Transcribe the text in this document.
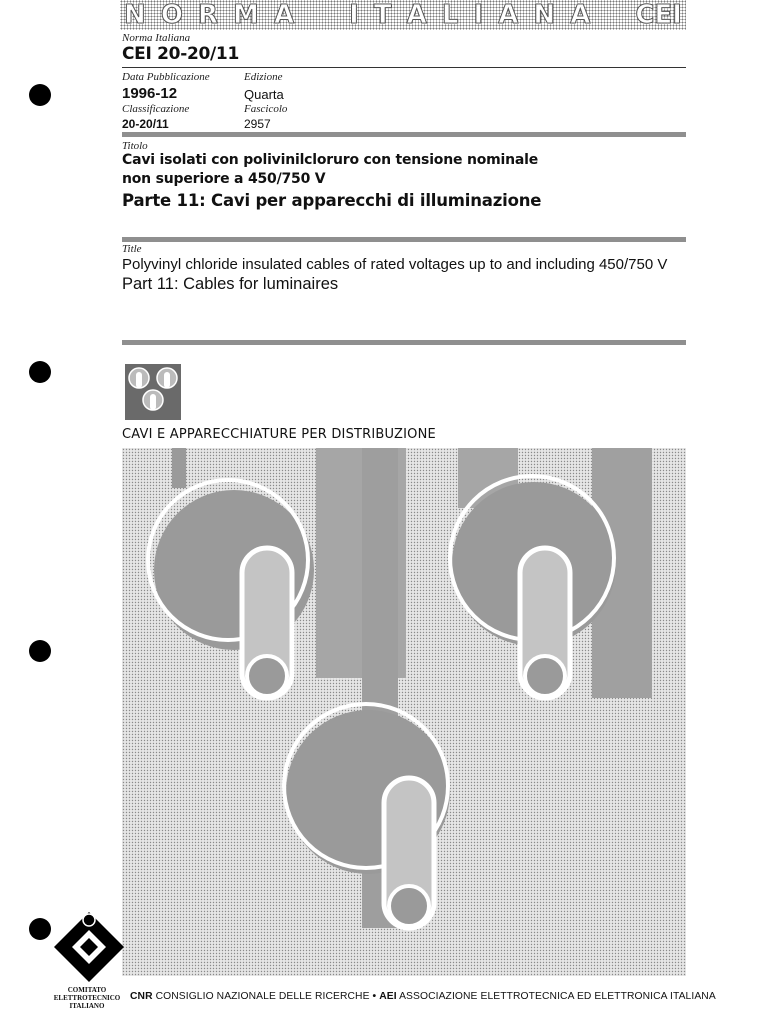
N O R M A I T A L I A N A CEI
Norma Italiana
CEI 20-20/11
Data Pubblicazione	Edizione
1996-12	Quarta
Classificazione	Fascicolo
20-20/11	2957
Titolo
Cavi isolati con polivinilcloruro con tensione nominale
non superiore a 450/750 V
Parte 11: Cavi per apparecchi di illuminazione
Title
Polyvinyl chloride insulated cables of rated voltages up to and including 450/750 V
Part 11: Cables for luminaires
CAVI E APPARECCHIATURE PER DISTRIBUZIONE
COMITATO
ELETTROTECNICO
ITALIANO
CNR CONSIGLIO NAZIONALE DELLE RICERCHE • AEI ASSOCIAZIONE ELETTROTECNICA ED ELETTRONICA ITALIANA
